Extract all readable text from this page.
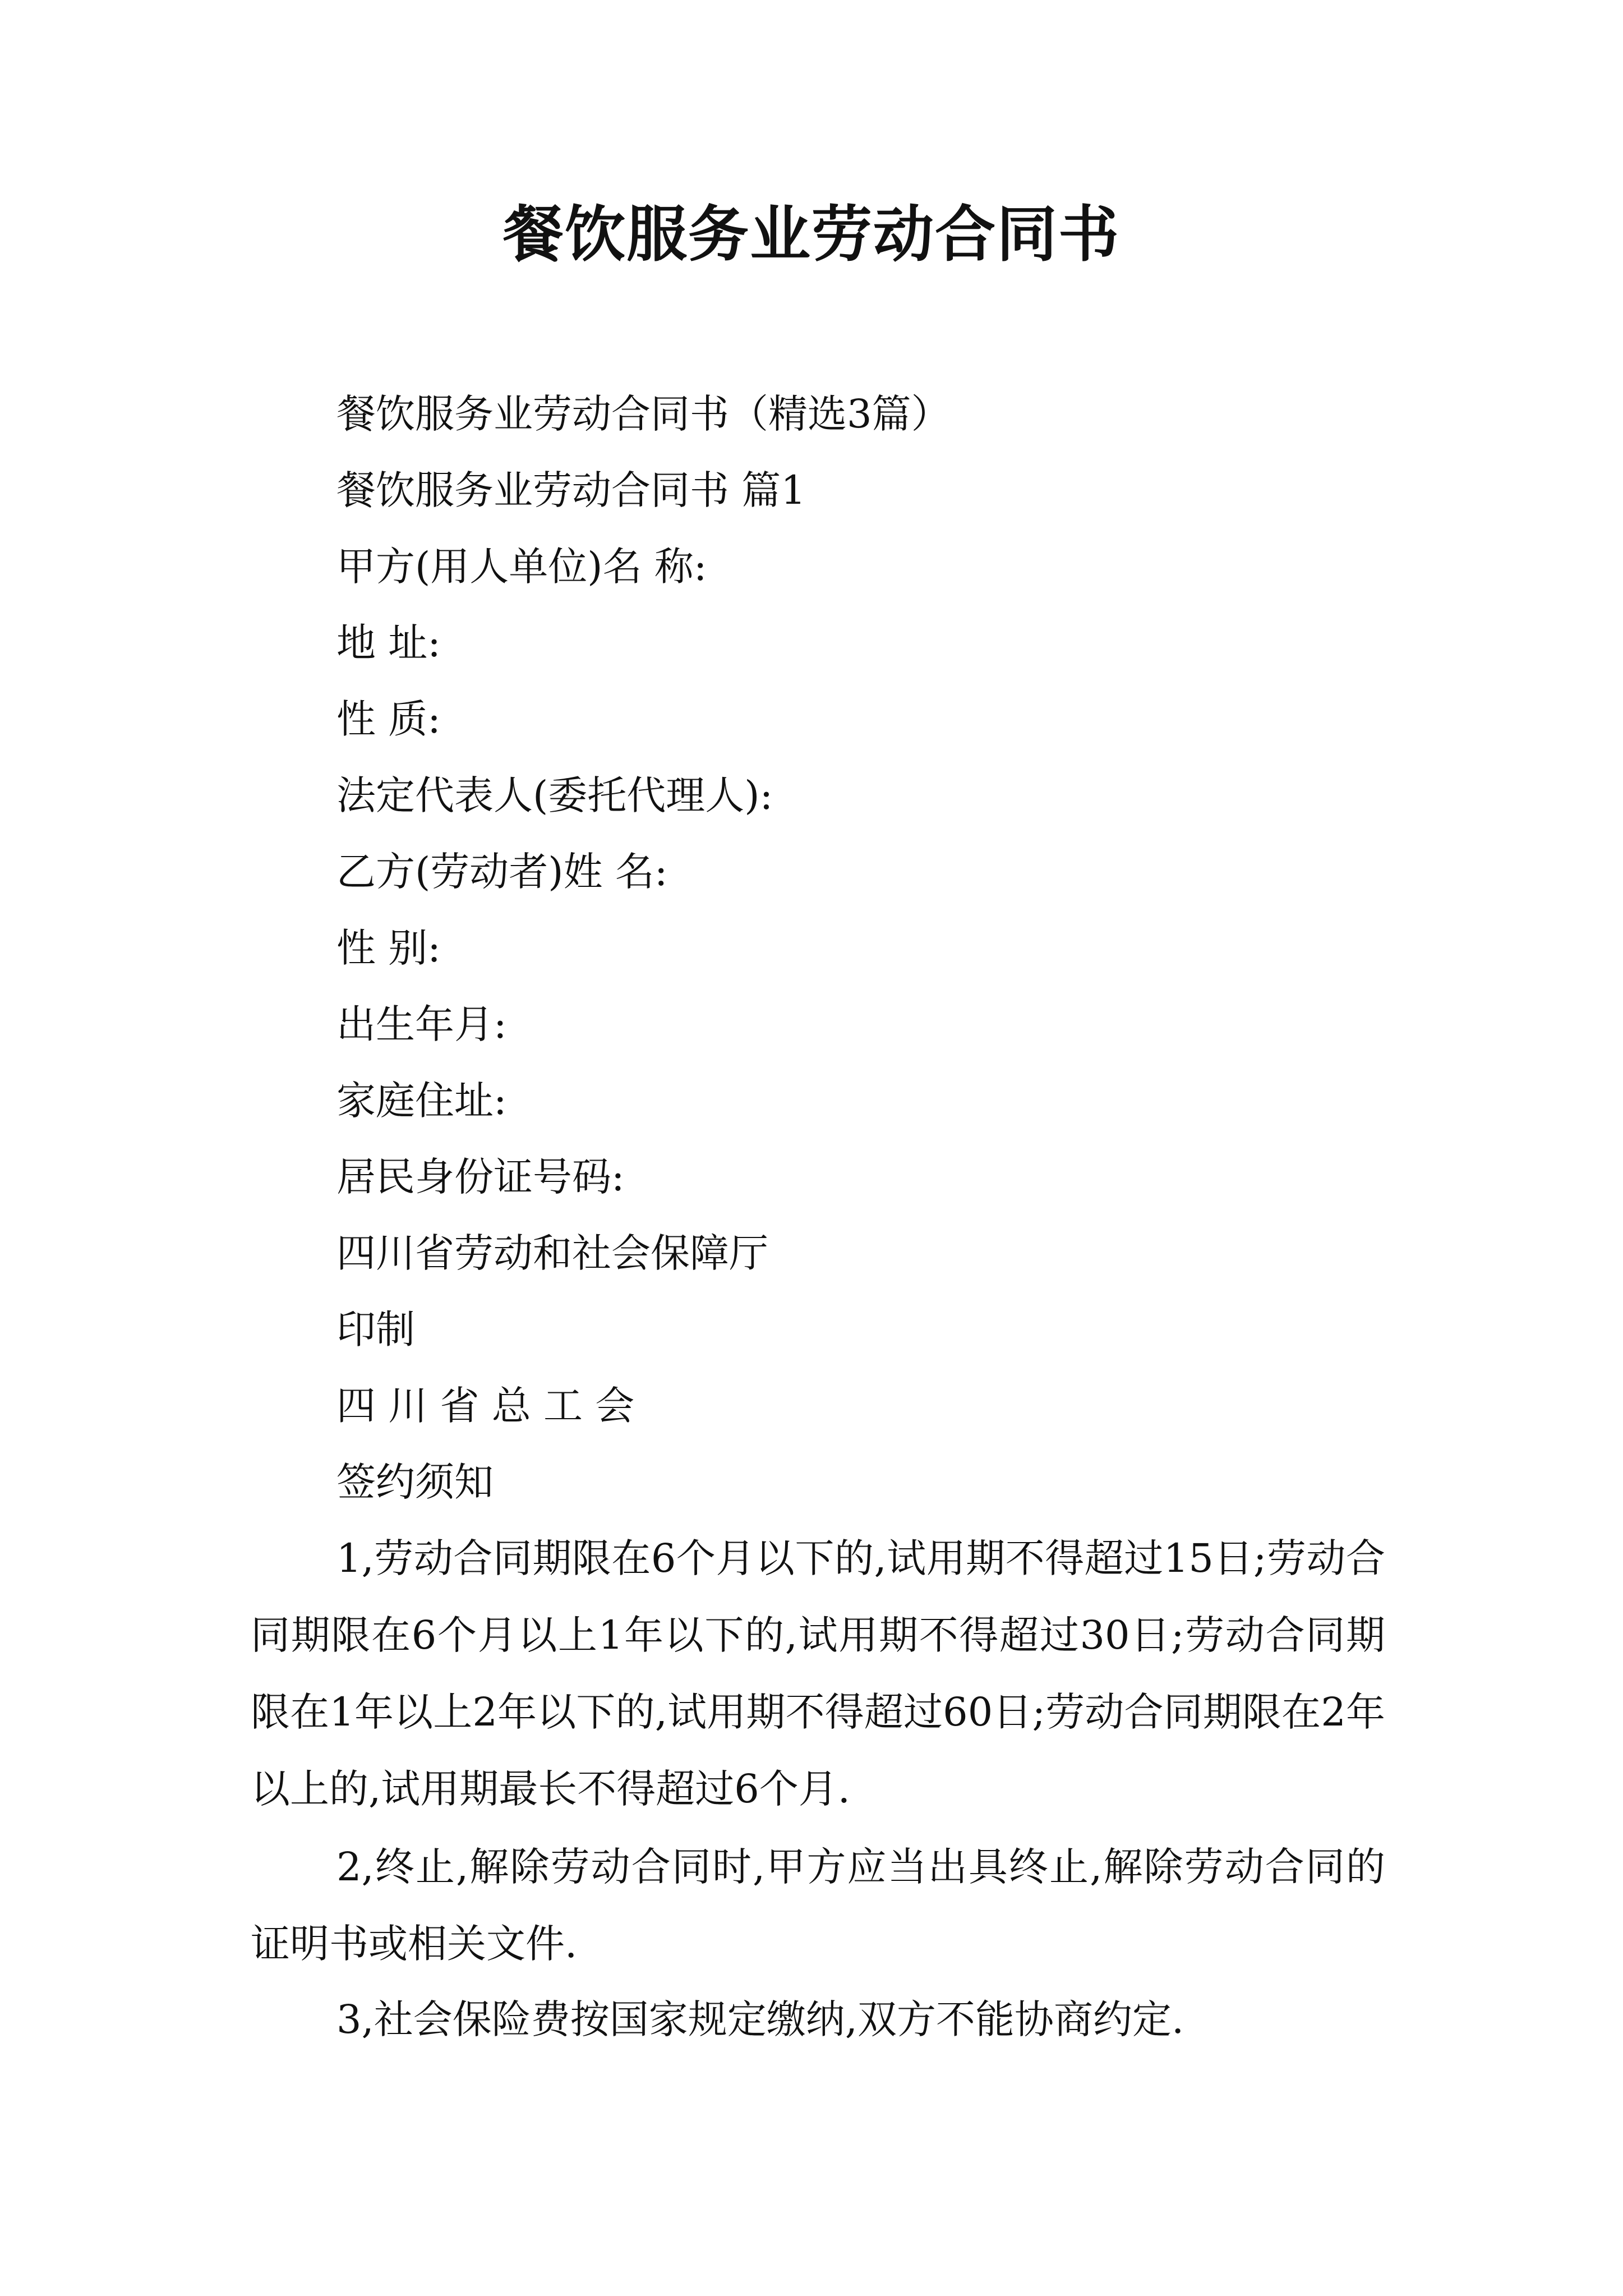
餐饮服务业劳动合同书
餐饮服务业劳动合同书（精选3篇）
餐饮服务业劳动合同书 篇1
甲方(用人单位)名 称:
地 址:
性 质:
法定代表人(委托代理人):
乙方(劳动者)姓 名:
性 别:
出生年月:
家庭住址:
居民身份证号码:
四川省劳动和社会保障厅
印制
四 川 省 总 工 会
签约须知

1,劳动合同期限在6个月以下的,试用期不得超过15日;劳动合同期限在6个月以上1年以下的,试用期不得超过30日;劳动合同期限在1年以上2年以下的,试用期不得超过60日;劳动合同期限在2年以上的,试用期最长不得超过6个月.

2,终止,解除劳动合同时,甲方应当出具终止,解除劳动合同的证明书或相关文件.

3,社会保险费按国家规定缴纳,双方不能协商约定.
